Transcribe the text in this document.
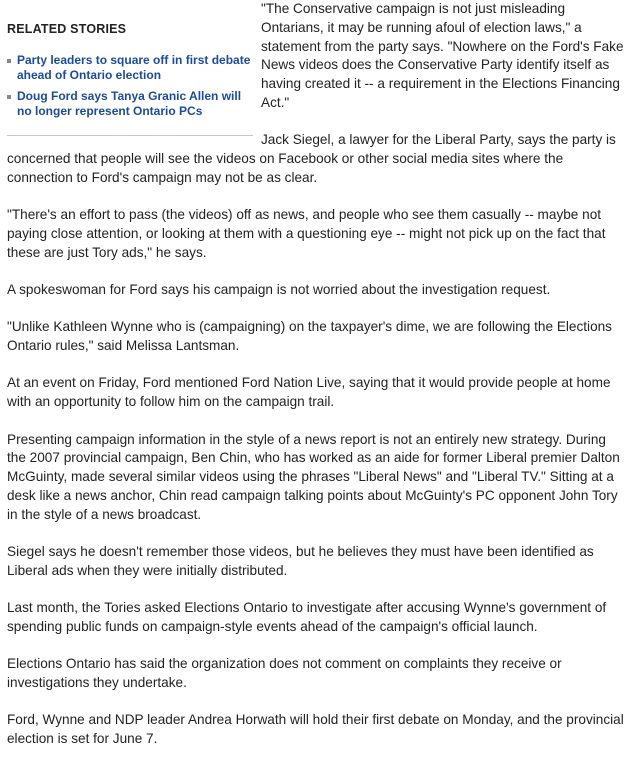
RELATED STORIES
Party leaders to square off in first debate ahead of Ontario election
Doug Ford says Tanya Granic Allen will no longer represent Ontario PCs

"The Conservative campaign is not just misleading Ontarians, it may be running afoul of election laws," a statement from the party says. "Nowhere on the Ford's Fake News videos does the Conservative Party identify itself as having created it -- a requirement in the Elections Financing Act."

Jack Siegel, a lawyer for the Liberal Party, says the party is concerned that people will see the videos on Facebook or other social media sites where the connection to Ford's campaign may not be as clear.

"There's an effort to pass (the videos) off as news, and people who see them casually -- maybe not paying close attention, or looking at them with a questioning eye -- might not pick up on the fact that these are just Tory ads," he says.

A spokeswoman for Ford says his campaign is not worried about the investigation request.

"Unlike Kathleen Wynne who is (campaigning) on the taxpayer's dime, we are following the Elections Ontario rules," said Melissa Lantsman.

At an event on Friday, Ford mentioned Ford Nation Live, saying that it would provide people at home with an opportunity to follow him on the campaign trail.

Presenting campaign information in the style of a news report is not an entirely new strategy. During the 2007 provincial campaign, Ben Chin, who has worked as an aide for former Liberal premier Dalton McGuinty, made several similar videos using the phrases "Liberal News" and "Liberal TV." Sitting at a desk like a news anchor, Chin read campaign talking points about McGuinty's PC opponent John Tory in the style of a news broadcast.

Siegel says he doesn't remember those videos, but he believes they must have been identified as Liberal ads when they were initially distributed.

Last month, the Tories asked Elections Ontario to investigate after accusing Wynne's government of spending public funds on campaign-style events ahead of the campaign's official launch.

Elections Ontario has said the organization does not comment on complaints they receive or investigations they undertake.

Ford, Wynne and NDP leader Andrea Horwath will hold their first debate on Monday, and the provincial election is set for June 7.
